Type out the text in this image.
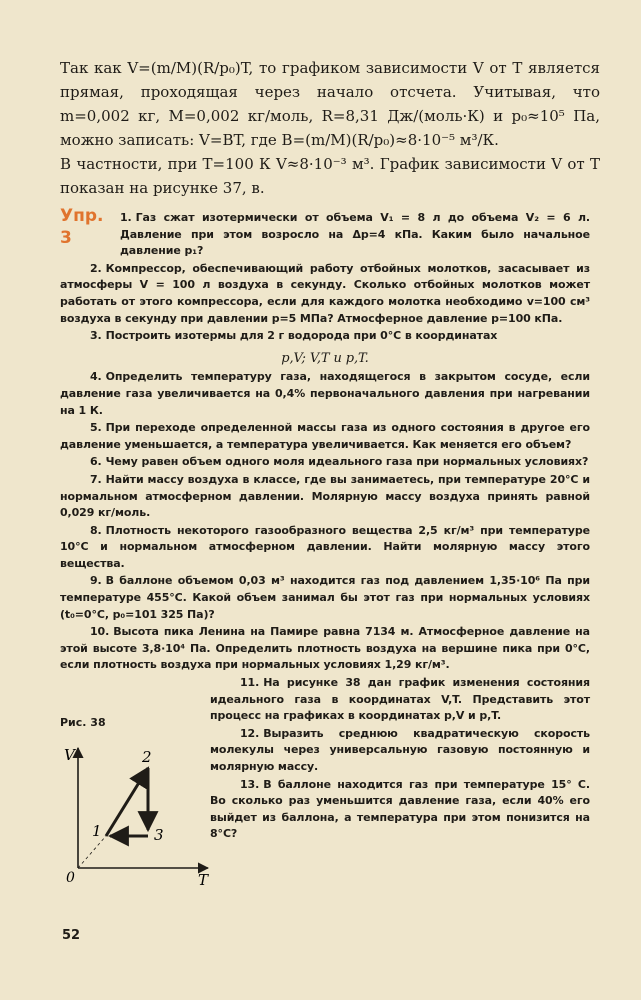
Так как V=(m/M)(R/p₀)T, то графиком зависимости V от T является прямая, проходящая через начало отсчета. Учитывая, что m=0,002 кг, M=0,002 кг/моль, R=8,31 Дж/(моль·К) и p₀≈10⁵ Па, можно записать: V=BT, где B=(m/M)(R/p₀)≈8·10⁻⁵ м³/К.

В частности, при T=100 К V≈8·10⁻³ м³. График зависимости V от T показан на рисунке 37, в.

Упр.
3

1. Газ сжат изотермически от объема V₁ = 8 л до объема V₂ = 6 л. Давление при этом возросло на Δp=4 кПа. Каким было начальное давление p₁?

2. Компрессор, обеспечивающий работу отбойных молотков, засасывает из атмосферы V = 100 л воздуха в секунду. Сколько отбойных молотков может работать от этого компрессора, если для каждого молотка необходимо v=100 см³ воздуха в секунду при давлении p=5 МПа? Атмосферное давление p=100 кПа.

3. Построить изотермы для 2 г водорода при 0°С в координатах
p,V; V,T и p,T.

4. Определить температуру газа, находящегося в закрытом сосуде, если давление газа увеличивается на 0,4% первоначального давления при нагревании на 1 К.

5. При переходе определенной массы газа из одного состояния в другое его давление уменьшается, а температура увеличивается. Как меняется его объем?

6. Чему равен объем одного моля идеального газа при нормальных условиях?

7. Найти массу воздуха в классе, где вы занимаетесь, при температуре 20°С и нормальном атмосферном давлении. Молярную массу воздуха принять равной 0,029 кг/моль.

8. Плотность некоторого газообразного вещества 2,5 кг/м³ при температуре 10°С и нормальном атмосферном давлении. Найти молярную массу этого вещества.

9. В баллоне объемом 0,03 м³ находится газ под давлением 1,35·10⁶ Па при температуре 455°С. Какой объем занимал бы этот газ при нормальных условиях (t₀=0°С, p₀=101 325 Па)?

10. Высота пика Ленина на Памире равна 7134 м. Атмосферное давление на этой высоте 3,8·10⁴ Па. Определить плотность воздуха на вершине пика при 0°С, если плотность воздуха при нормальных условиях 1,29 кг/м³.

11. На рисунке 38 дан график изменения состояния идеального газа в координатах V,T. Представить этот процесс на графиках в координатах p,V и p,T.

12. Выразить среднюю квадратическую скорость молекулы через универсальную газовую постоянную и молярную массу.

13. В баллоне находится газ при температуре 15° С. Во сколько раз уменьшится давление газа, если 40% его выйдет из баллона, а температура при этом понизится на 8°С?

Рис. 38
V
T
0
1
2
3
52
